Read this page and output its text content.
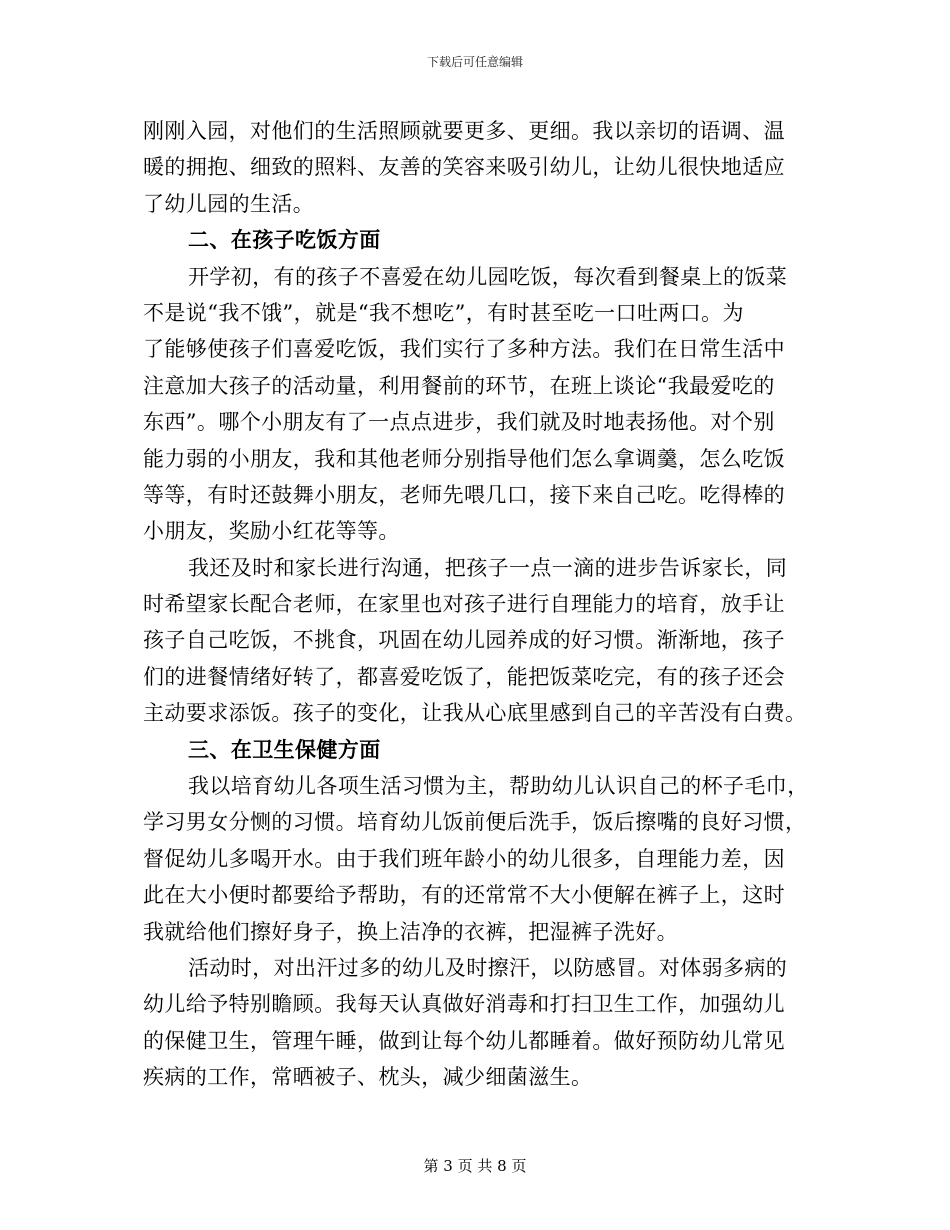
下载后可任意编辑
刚刚入园，对他们的生活照顾就要更多、更细。我以亲切的语调、温
暖的拥抱、细致的照料、友善的笑容来吸引幼儿，让幼儿很快地适应
了幼儿园的生活。
二、在孩子吃饭方面
开学初，有的孩子不喜爱在幼儿园吃饭，每次看到餐桌上的饭菜
不是说“我不饿”，就是“我不想吃”，有时甚至吃一口吐两口。为
了能够使孩子们喜爱吃饭，我们实行了多种方法。我们在日常生活中
注意加大孩子的活动量，利用餐前的环节，在班上谈论“我最爱吃的
东西”。哪个小朋友有了一点点进步，我们就及时地表扬他。对个别
能力弱的小朋友，我和其他老师分别指导他们怎么拿调羹，怎么吃饭
等等，有时还鼓舞小朋友，老师先喂几口，接下来自己吃。吃得棒的
小朋友，奖励小红花等等。
我还及时和家长进行沟通，把孩子一点一滴的进步告诉家长，同
时希望家长配合老师，在家里也对孩子进行自理能力的培育，放手让
孩子自己吃饭，不挑食，巩固在幼儿园养成的好习惯。渐渐地，孩子
们的进餐情绪好转了，都喜爱吃饭了，能把饭菜吃完，有的孩子还会
主动要求添饭。孩子的变化，让我从心底里感到自己的辛苦没有白费。
三、在卫生保健方面
我以培育幼儿各项生活习惯为主，帮助幼儿认识自己的杯子毛巾，
学习男女分恻的习惯。培育幼儿饭前便后洗手，饭后擦嘴的良好习惯，
督促幼儿多喝开水。由于我们班年龄小的幼儿很多，自理能力差，因
此在大小便时都要给予帮助，有的还常常不大小便解在裤子上，这时
我就给他们擦好身子，换上洁净的衣裤，把湿裤子洗好。
活动时，对出汗过多的幼儿及时擦汗，以防感冒。对体弱多病的
幼儿给予特别瞻顾。我每天认真做好消毒和打扫卫生工作，加强幼儿
的保健卫生，管理午睡，做到让每个幼儿都睡着。做好预防幼儿常见
疾病的工作，常晒被子、枕头，减少细菌滋生。
第 3 页 共 8 页
